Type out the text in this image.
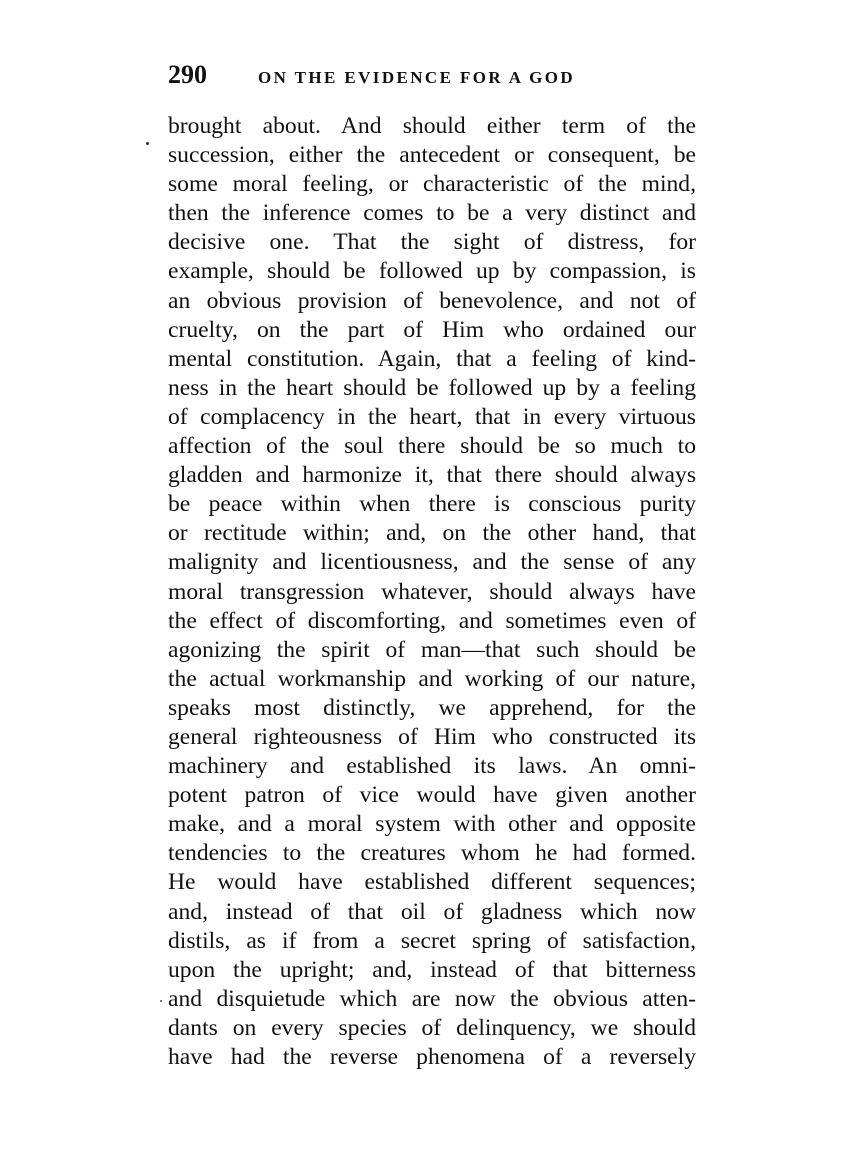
290	ON THE EVIDENCE FOR A GOD
brought about. And should either term of the
succession, either the antecedent or consequent, be
some moral feeling, or characteristic of the mind,
then the inference comes to be a very distinct and
decisive one. That the sight of distress, for
example, should be followed up by compassion, is
an obvious provision of benevolence, and not of
cruelty, on the part of Him who ordained our
mental constitution. Again, that a feeling of kind-
ness in the heart should be followed up by a feeling
of complacency in the heart, that in every virtuous
affection of the soul there should be so much to
gladden and harmonize it, that there should always
be peace within when there is conscious purity
or rectitude within; and, on the other hand, that
malignity and licentiousness, and the sense of any
moral transgression whatever, should always have
the effect of discomforting, and sometimes even of
agonizing the spirit of man—that such should be
the actual workmanship and working of our nature,
speaks most distinctly, we apprehend, for the
general righteousness of Him who constructed its
machinery and established its laws. An omni-
potent patron of vice would have given another
make, and a moral system with other and opposite
tendencies to the creatures whom he had formed.
He would have established different sequences;
and, instead of that oil of gladness which now
distils, as if from a secret spring of satisfaction,
upon the upright; and, instead of that bitterness
and disquietude which are now the obvious atten-
dants on every species of delinquency, we should
have had the reverse phenomena of a reversely
